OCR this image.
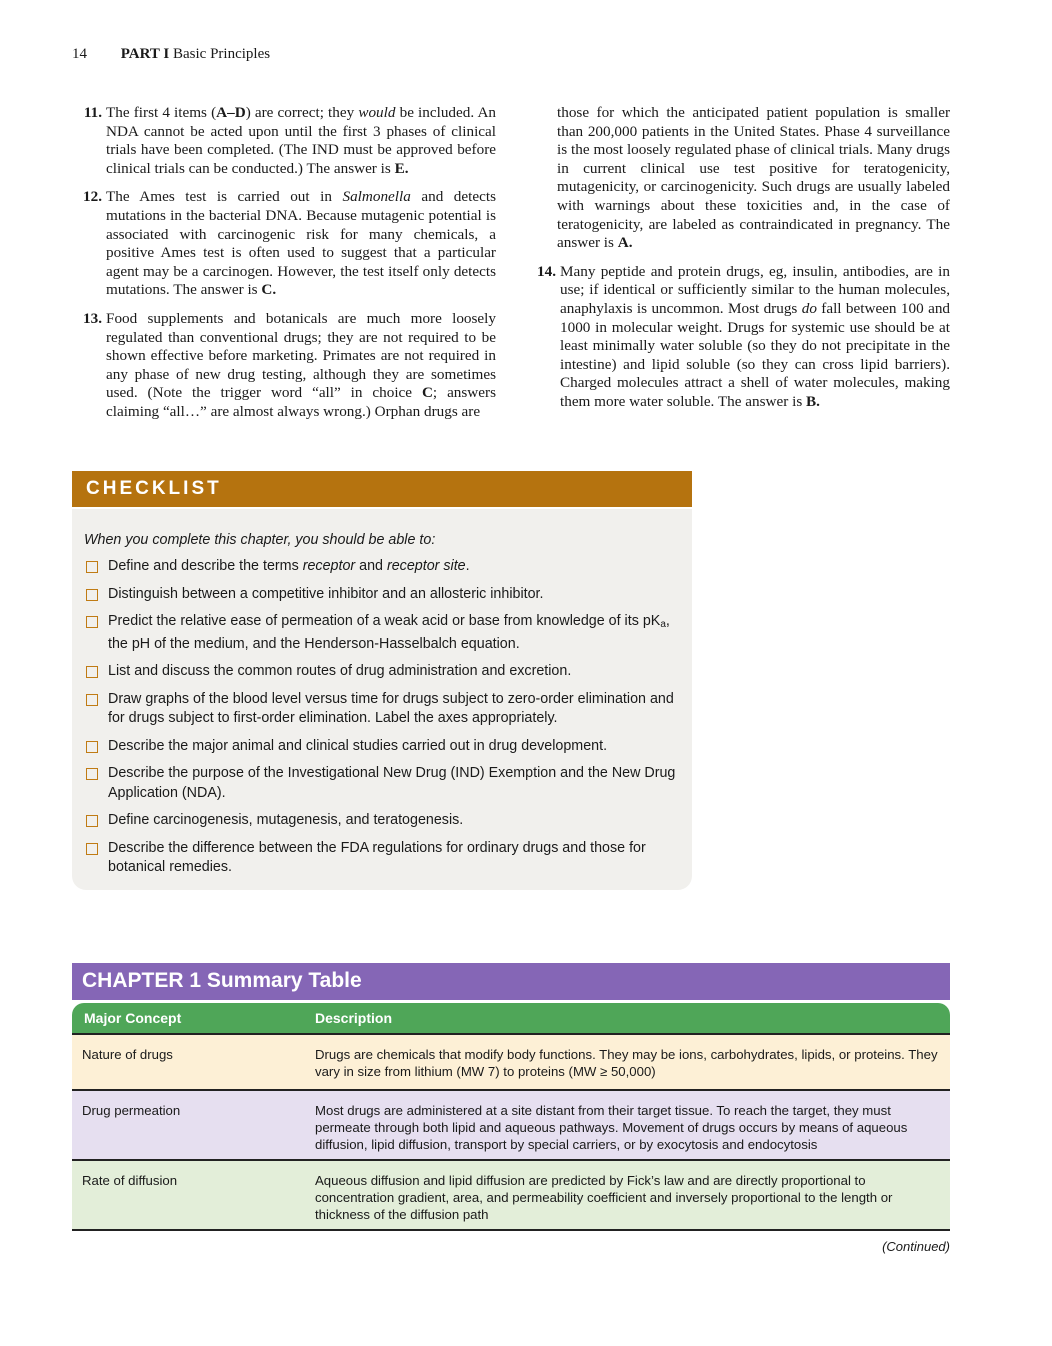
14 PART I Basic Principles

11. The first 4 items (A–D) are correct; they would be included. An NDA cannot be acted upon until the first 3 phases of clinical trials have been completed. (The IND must be approved before clinical trials can be conducted.) The answer is E.

12. The Ames test is carried out in Salmonella and detects mutations in the bacterial DNA. Because mutagenic potential is associated with carcinogenic risk for many chemicals, a positive Ames test is often used to suggest that a particular agent may be a carcinogen. However, the test itself only detects mutations. The answer is C.

13. Food supplements and botanicals are much more loosely regulated than conventional drugs; they are not required to be shown effective before marketing. Primates are not required in any phase of new drug testing, although they are sometimes used. (Note the trigger word “all” in choice C; answers claiming “all…” are almost always wrong.) Orphan drugs are

those for which the anticipated patient population is smaller than 200,000 patients in the United States. Phase 4 surveillance is the most loosely regulated phase of clinical trials. Many drugs in current clinical use test positive for teratogenicity, mutagenicity, or carcinogenicity. Such drugs are usually labeled with warnings about these toxicities and, in the case of teratogenicity, are labeled as contraindicated in pregnancy. The answer is A.

14. Many peptide and protein drugs, eg, insulin, antibodies, are in use; if identical or sufficiently similar to the human molecules, anaphylaxis is uncommon. Most drugs do fall between 100 and 1000 in molecular weight. Drugs for systemic use should be at least minimally water soluble (so they do not precipitate in the intestine) and lipid soluble (so they can cross lipid barriers). Charged molecules attract a shell of water molecules, making them more water soluble. The answer is B.

CHECKLIST
When you complete this chapter, you should be able to:
Define and describe the terms receptor and receptor site.
Distinguish between a competitive inhibitor and an allosteric inhibitor.
Predict the relative ease of permeation of a weak acid or base from knowledge of its $pK_a$, the pH of the medium, and the Henderson-Hasselbalch equation.
List and discuss the common routes of drug administration and excretion.
Draw graphs of the blood level versus time for drugs subject to zero-order elimination and for drugs subject to first-order elimination. Label the axes appropriately.
Describe the major animal and clinical studies carried out in drug development.
Describe the purpose of the Investigational New Drug (IND) Exemption and the New Drug Application (NDA).
Define carcinogenesis, mutagenesis, and teratogenesis.
Describe the difference between the FDA regulations for ordinary drugs and those for botanical remedies.
CHAPTER 1 Summary Table
Major Concept	Description
Nature of drugs	Drugs are chemicals that modify body functions. They may be ions, carbohydrates, lipids, or proteins. They vary in size from lithium (MW 7) to proteins (MW ≥ 50,000)
Drug permeation	Most drugs are administered at a site distant from their target tissue. To reach the target, they must permeate through both lipid and aqueous pathways. Movement of drugs occurs by means of aqueous diffusion, lipid diffusion, transport by special carriers, or by exocytosis and endocytosis
Rate of diffusion	Aqueous diffusion and lipid diffusion are predicted by Fick’s law and are directly proportional to concentration gradient, area, and permeability coefficient and inversely proportional to the length or thickness of the diffusion path
(Continued)
